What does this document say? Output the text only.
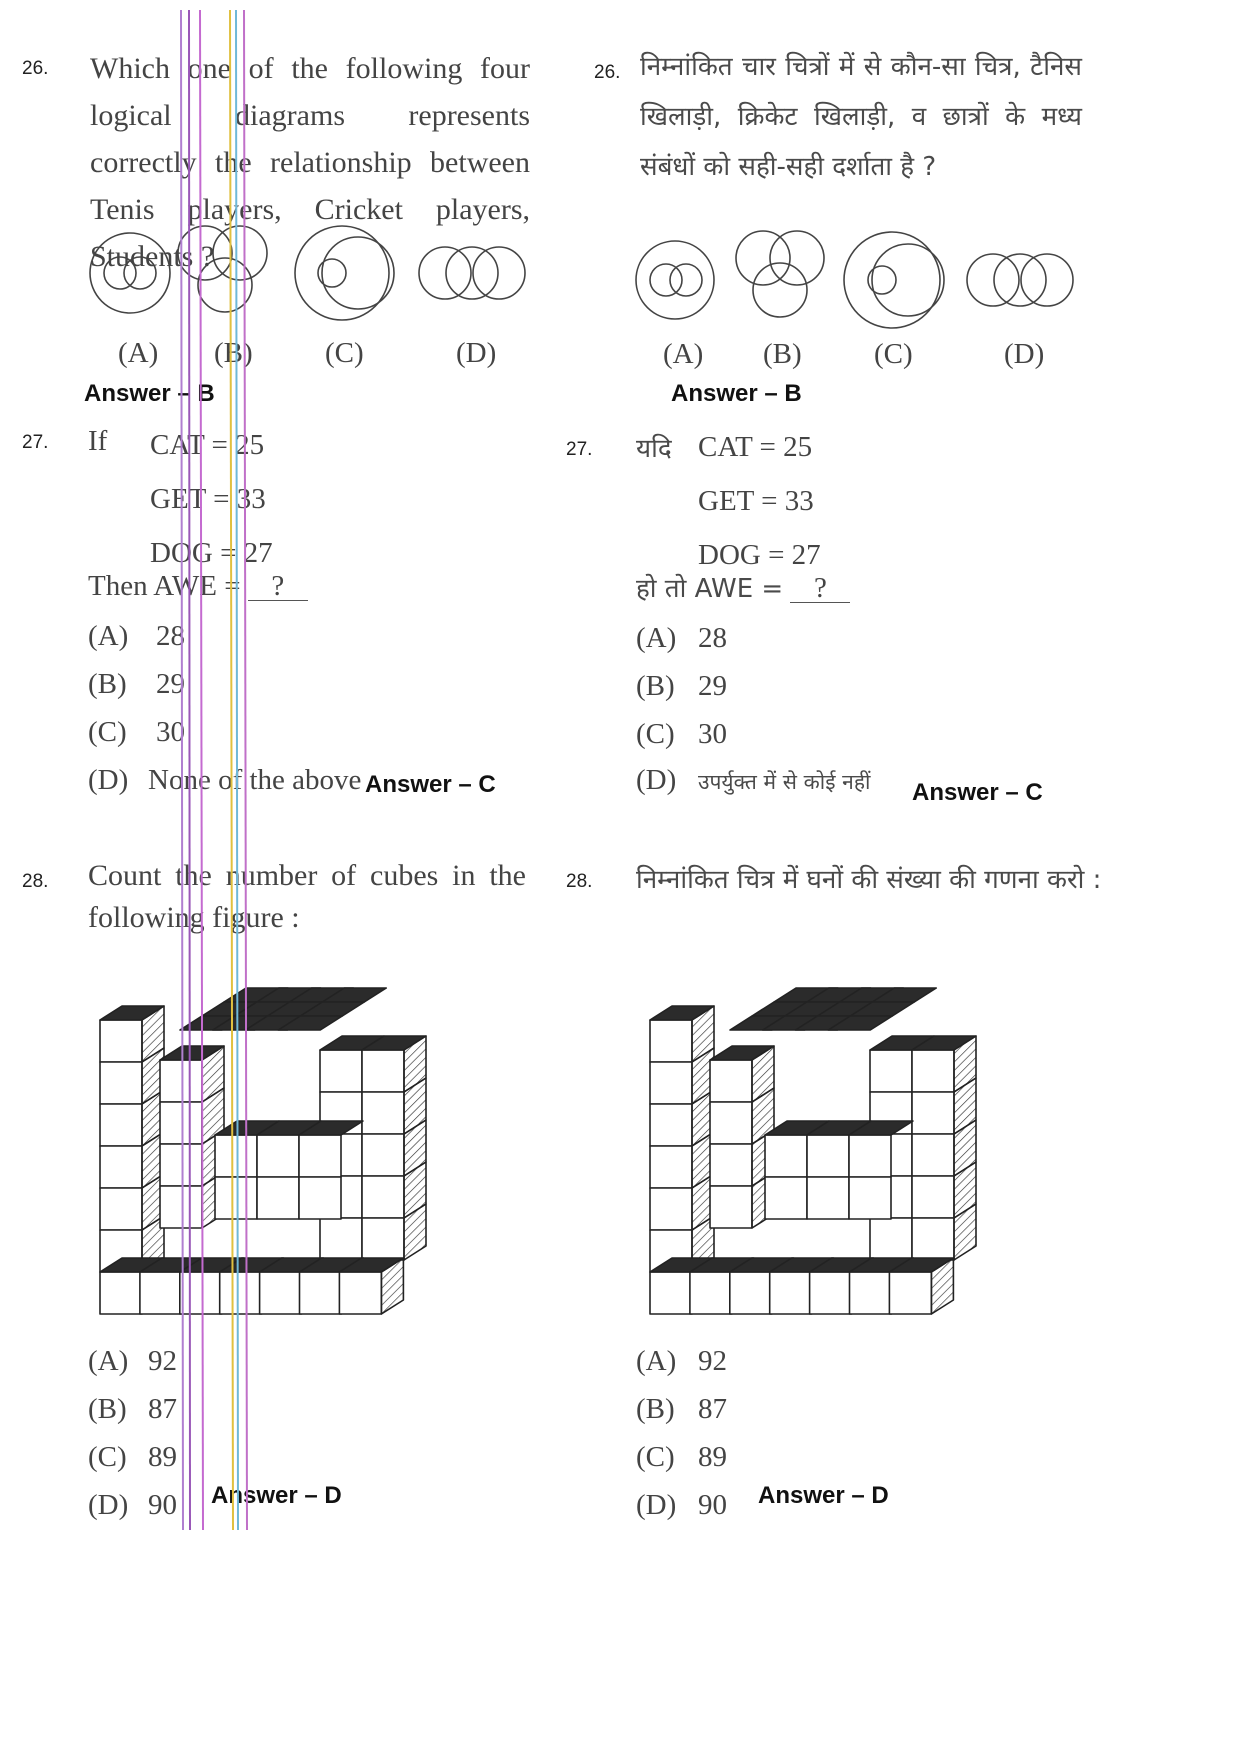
26. Which one of the following four logical diagrams represents correctly the relationship between Tenis players, Cricket players, Students ?
26. निम्नांकित चार चित्रों में से कौन-सा चित्र, टैनिस खिलाड़ी, क्रिकेट खिलाड़ी, व छात्रों के मध्य संबंधों को सही-सही दर्शाता है ?
(A) (B) (C)	(D)
Answer – B
(A) (B) (C)	(D)
Answer – B
27. If CAT = 25
GET = 33
DOG = 27
Then AWE = ?
(A) 28
(B) 29
(C) 30
(D) None of the above Answer – C
27. यदि CAT = 25
GET = 33
DOG = 27
हो तो AWE = ?
(A) 28
(B) 29
(C) 30
(D) उपर्युक्त में से कोई नहीं Answer – C
28. Count the number of cubes in the following figure :
28. निम्नांकित चित्र में घनों की संख्या की गणना करो :
(A) 92
(B) 87
(C) 89
(D) 90 Answer – D
(A) 92
(B) 87
(C) 89
(D) 90 Answer – D
